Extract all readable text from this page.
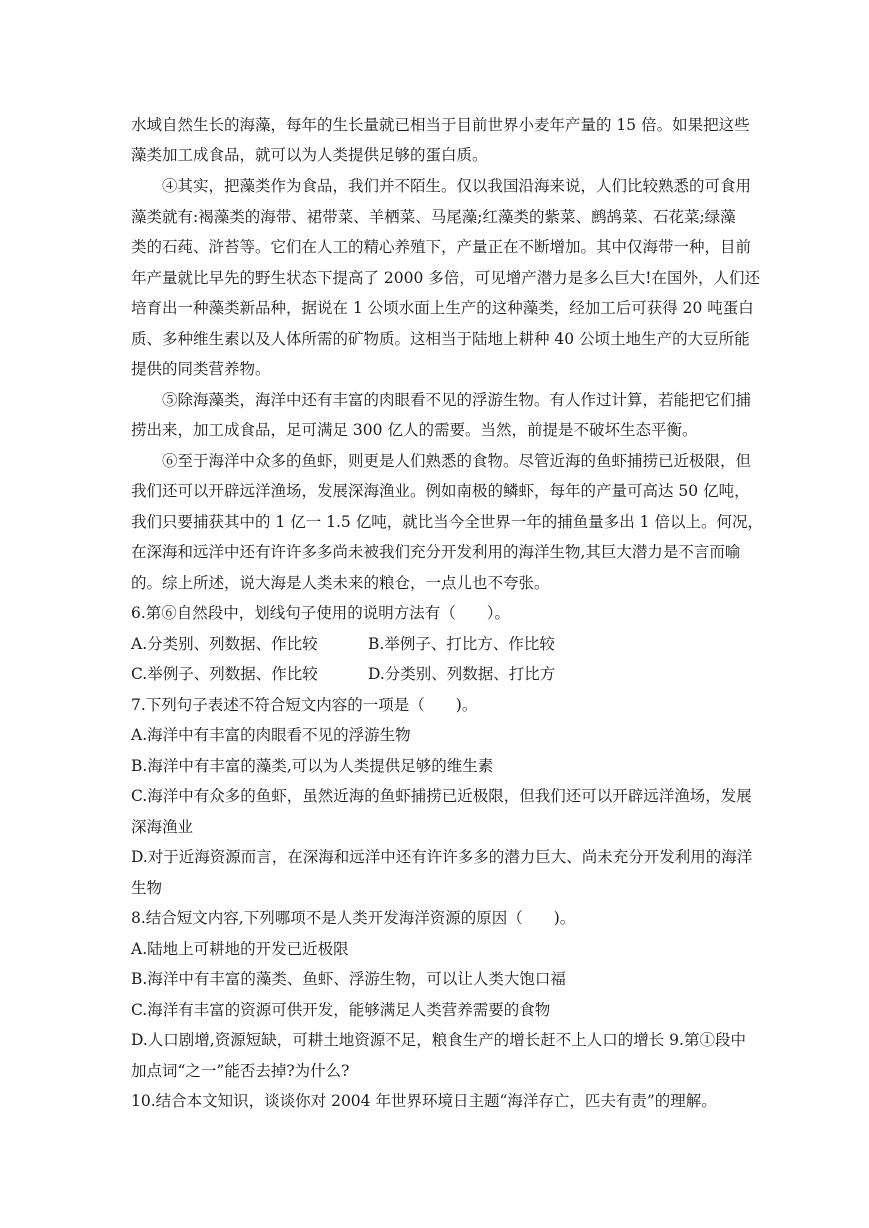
水域自然生长的海藻，每年的生长量就已相当于目前世界小麦年产量的 15 倍。如果把这些
藻类加工成食品，就可以为人类提供足够的蛋白质。
④其实，把藻类作为食品，我们并不陌生。仅以我国沿海来说，人们比较熟悉的可食用
藻类就有:褐藻类的海带、裙带菜、羊栖菜、马尾藻;红藻类的紫菜、鹧鸪菜、石花菜;绿藻
类的石莼、浒苔等。它们在人工的精心养殖下，产量正在不断增加。其中仅海带一种，目前
年产量就比早先的野生状态下提高了 2000 多倍，可见增产潜力是多么巨大!在国外，人们还
培育出一种藻类新品种，据说在 1 公顷水面上生产的这种藻类，经加工后可获得 20 吨蛋白
质、多种维生素以及人体所需的矿物质。这相当于陆地上耕种 40 公顷土地生产的大豆所能
提供的同类营养物。
⑤除海藻类，海洋中还有丰富的肉眼看不见的浮游生物。有人作过计算，若能把它们捕
捞出来，加工成食品，足可满足 300 亿人的需要。当然，前提是不破坏生态平衡。
⑥至于海洋中众多的鱼虾，则更是人们熟悉的食物。尽管近海的鱼虾捕捞已近极限，但
我们还可以开辟远洋渔场，发展深海渔业。例如南极的鳞虾，每年的产量可高达 50 亿吨，
我们只要捕获其中的 1 亿一 1.5 亿吨，就比当今全世界一年的捕鱼量多出 1 倍以上。何况，
在深海和远洋中还有许许多多尚未被我们充分开发利用的海洋生物,其巨大潜力是不言而喻
的。综上所述，说大海是人类未来的粮仓，一点儿也不夸张。
6.第⑥自然段中，划线句子使用的说明方法有（　　）。
A.分类别、列数据、作比较	B.举例子、打比方、作比较
C.举例子、列数据、作比较	D.分类别、列数据、打比方
7.下列句子表述不符合短文内容的一项是（　　)。
A.海洋中有丰富的肉眼看不见的浮游生物
B.海洋中有丰富的藻类,可以为人类提供足够的维生素
C.海洋中有众多的鱼虾，虽然近海的鱼虾捕捞已近极限，但我们还可以开辟远洋渔场，发展
深海渔业
D.对于近海资源而言，在深海和远洋中还有许许多多的潜力巨大、尚未充分开发利用的海洋
生物
8.结合短文内容,下列哪项不是人类开发海洋资源的原因（　　)。
A.陆地上可耕地的开发已近极限
B.海洋中有丰富的藻类、鱼虾、浮游生物，可以让人类大饱口福
C.海洋有丰富的资源可供开发，能够满足人类营养需要的食物
D.人口剧增,资源短缺，可耕土地资源不足，粮食生产的增长赶不上人口的增长 9.第①段中
加点词“之一”能否去掉?为什么?
10.结合本文知识，谈谈你对 2004 年世界环境日主题“海洋存亡，匹夫有责”的理解。
